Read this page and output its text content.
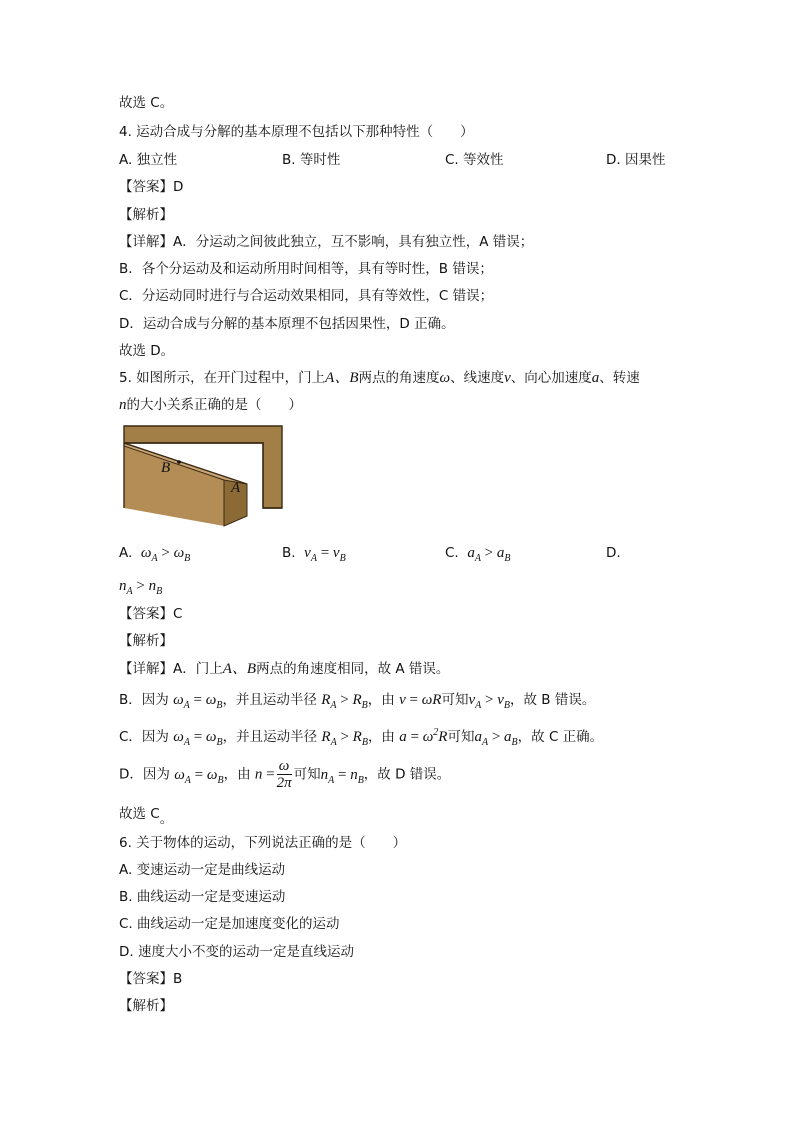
故选 C。
4. 运动合成与分解的基本原理不包括以下那种特性（　　）
A. 独立性	B. 等时性	C. 等效性	D. 因果性
【答案】D
【解析】
【详解】A．分运动之间彼此独立，互不影响，具有独立性，A 错误；
B．各个分运动及和运动所用时间相等，具有等时性，B 错误；
C．分运动同时进行与合运动效果相同，具有等效性，C 错误；
D．运动合成与分解的基本原理不包括因果性，D 正确。
故选 D。
5. 如图所示，在开门过程中，门上A、B两点的角速度ω、线速度v、向心加速度a、转速
n的大小关系正确的是（　　）
B
A
A. $\omega_A > \omega_B$	B. $v_A = v_B$	C. $a_A > a_B$	D.
$n_A > n_B$
【答案】C
【解析】
【详解】A．门上A、B两点的角速度相同，故 A 错误。
B．因为 $\omega_A = \omega_B$，并且运动半径 $R_A > R_B$，由 v = ωR可知$v_A > v_B$，故 B 错误。
C．因为 $\omega_A = \omega_B$，并且运动半径 $R_A > R_B$，由 $a = \omega^2R$可知$a_A > a_B$，故 C 正确。
D．因为 $\omega_A = \omega_B$，由 $n = \frac{\omega}{2\pi}$ 可知$n_A = n_B$，故 D 错误。
故选 C。
6. 关于物体的运动，下列说法正确的是（　　）
A. 变速运动一定是曲线运动
B. 曲线运动一定是变速运动
C. 曲线运动一定是加速度变化的运动
D. 速度大小不变的运动一定是直线运动
【答案】B
【解析】
